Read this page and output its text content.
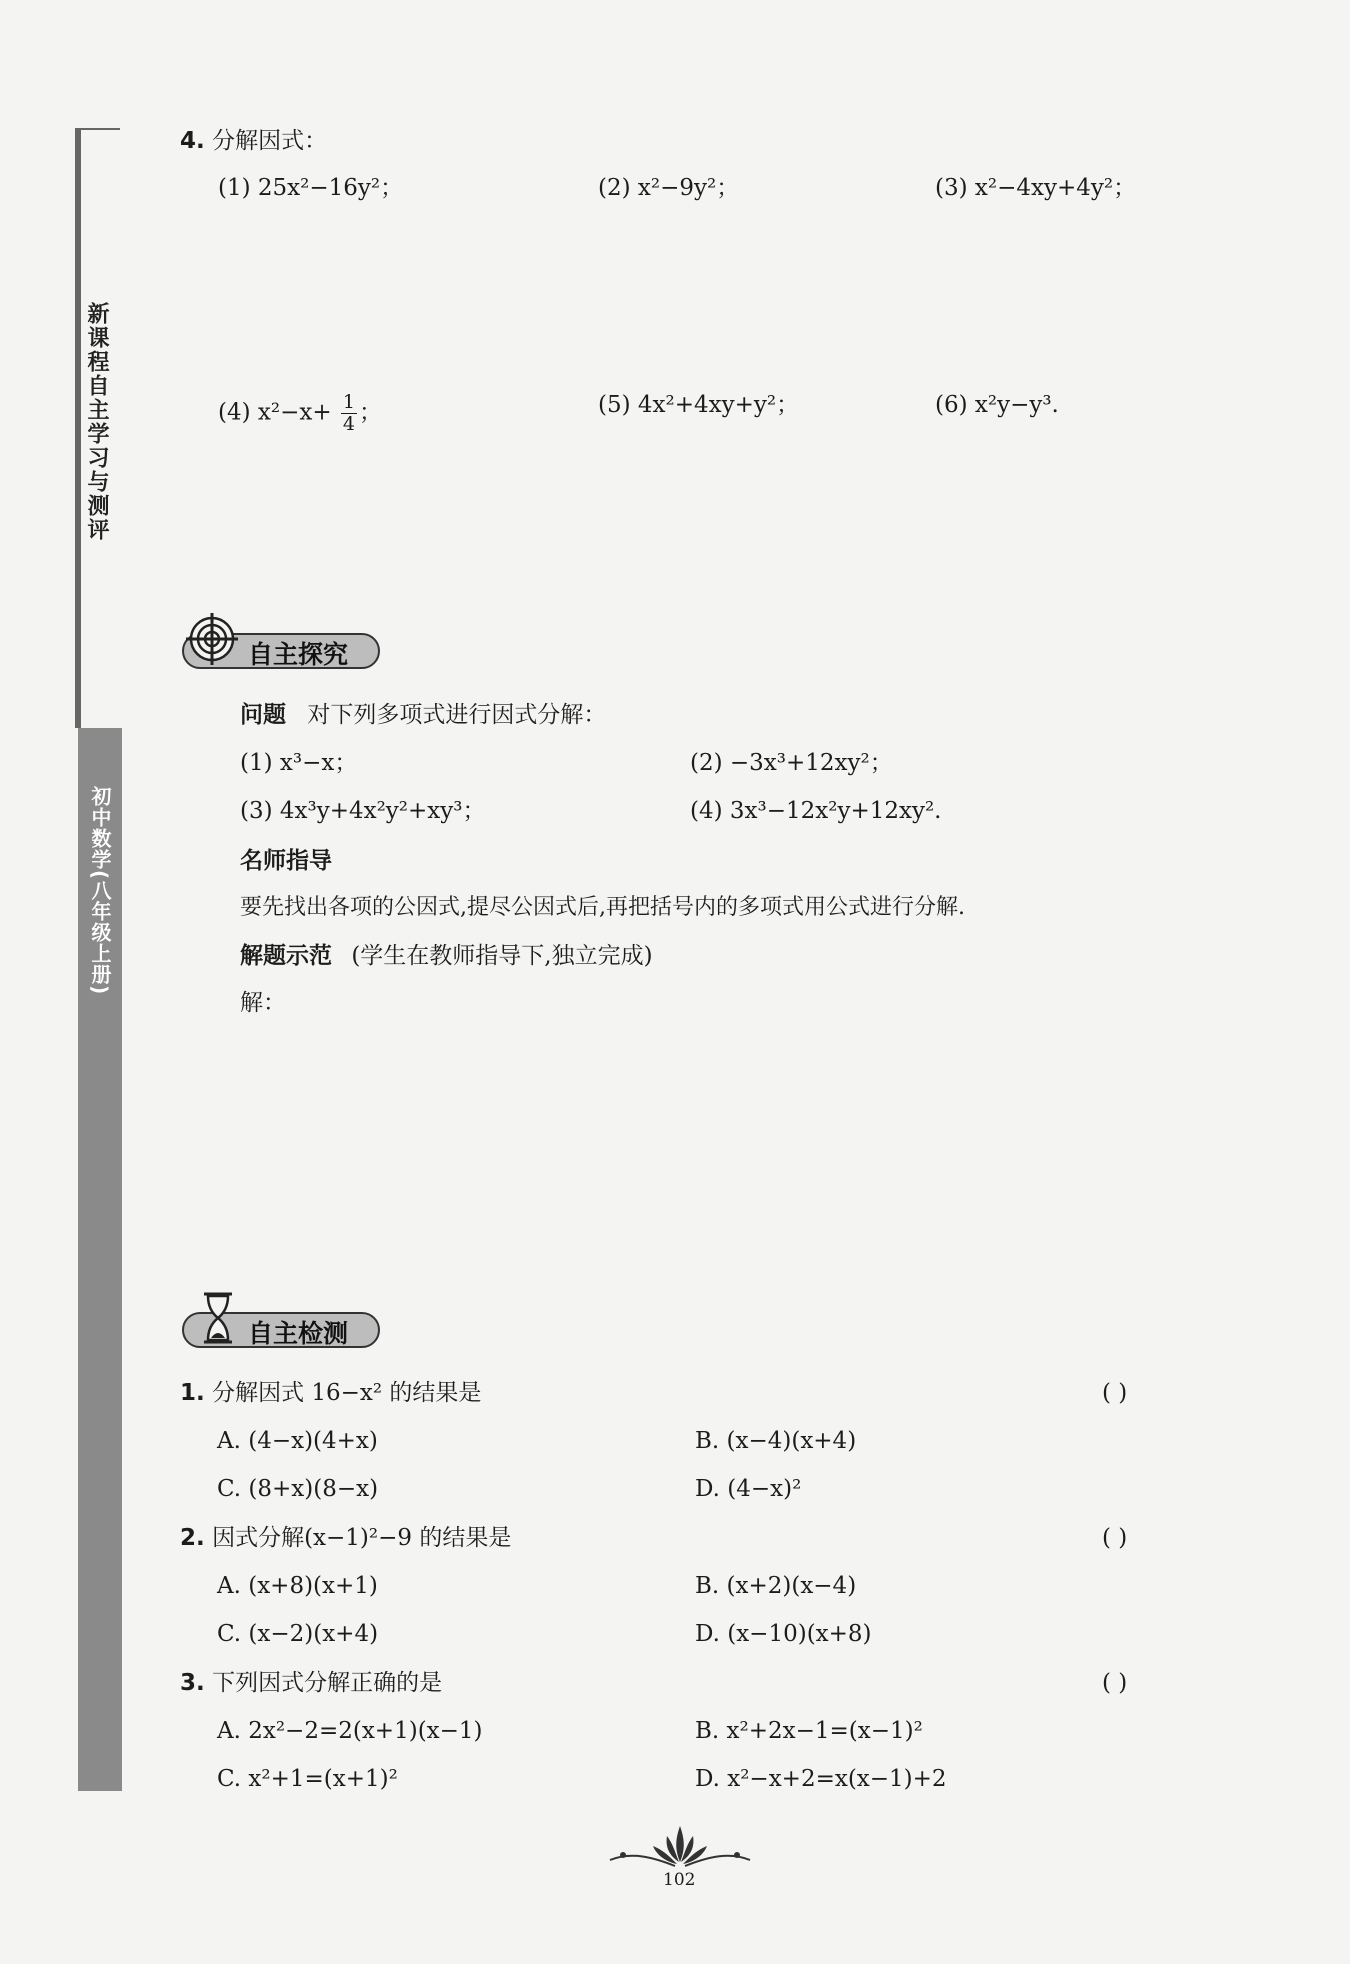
新课程自主学习与测评
初中数学(八年级上册)
4. 分解因式：
(1) 25x²−16y²；	(2) x²−9y²；	(3) x²−4xy+4y²；
(4) $x^2-x+ \frac{1}{4}$ ；	(5) 4x²+4xy+y²；	(6) x²y−y³.
自主探究
问题 对下列多项式进行因式分解：
(1) x³−x；	(2) −3x³+12xy²；
(3) 4x³y+4x²y²+xy³；	(4) 3x³−12x²y+12xy².
名师指导
要先找出各项的公因式,提尽公因式后,再把括号内的多项式用公式进行分解.
解题示范 (学生在教师指导下,独立完成)
解：
自主检测
1. 分解因式 16−x² 的结果是	( )
A. (4−x)(4+x)	B. (x−4)(x+4)
C. (8+x)(8−x)	D. (4−x)²
2. 因式分解(x−1)²−9 的结果是	( )
A. (x+8)(x+1)	B. (x+2)(x−4)
C. (x−2)(x+4)	D. (x−10)(x+8)
3. 下列因式分解正确的是	( )
A. 2x²−2=2(x+1)(x−1)	B. x²+2x−1=(x−1)²
C. x²+1=(x+1)²	D. x²−x+2=x(x−1)+2
102
